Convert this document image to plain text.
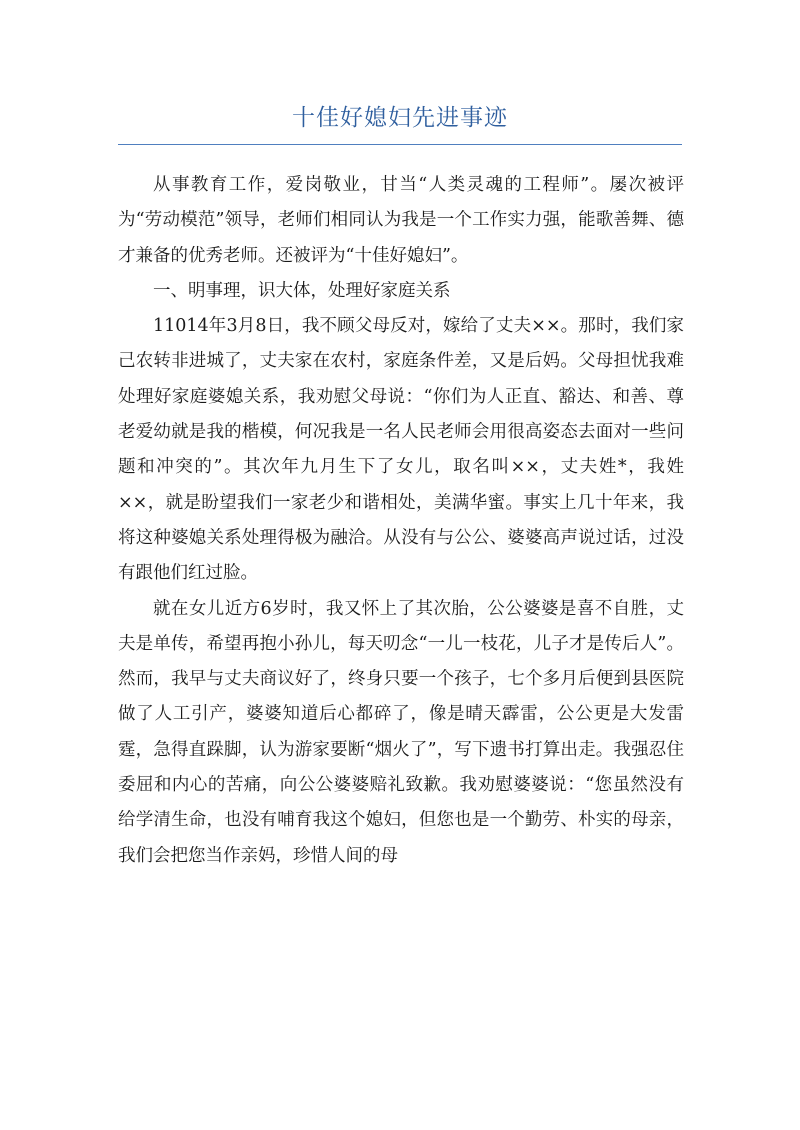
十佳好媳妇先进事迹

从事教育工作，爱岗敬业，甘当“人类灵魂的工程师”。屡次被评为“劳动模范”领导，老师们相同认为我是一个工作实力强，能歌善舞、德才兼备的优秀老师。还被评为“十佳好媳妇”。

一、明事理，识大体，处理好家庭关系

11014年3月8日，我不顾父母反对，嫁给了丈夫××。那时，我们家己农转非进城了，丈夫家在农村，家庭条件差，又是后妈。父母担忧我难处理好家庭婆媳关系，我劝慰父母说：“你们为人正直、豁达、和善、尊老爱幼就是我的楷模，何况我是一名人民老师会用很高姿态去面对一些问题和冲突的”。其次年九月生下了女儿，取名叫××，丈夫姓*，我姓××，就是盼望我们一家老少和谐相处，美满华蜜。事实上几十年来，我将这种婆媳关系处理得极为融洽。从没有与公公、婆婆高声说过话，过没有跟他们红过脸。

就在女儿近方6岁时，我又怀上了其次胎，公公婆婆是喜不自胜，丈夫是单传，希望再抱小孙儿，每天叨念“一儿一枝花，儿子才是传后人”。然而，我早与丈夫商议好了，终身只要一个孩子，七个多月后便到县医院做了人工引产，婆婆知道后心都碎了，像是晴天霹雷，公公更是大发雷霆，急得直跺脚，认为游家要断“烟火了”，写下遗书打算出走。我强忍住委屈和内心的苦痛，向公公婆婆赔礼致歉。我劝慰婆婆说：“您虽然没有给学清生命，也没有哺育我这个媳妇，但您也是一个勤劳、朴实的母亲，我们会把您当作亲妈，珍惜人间的母
